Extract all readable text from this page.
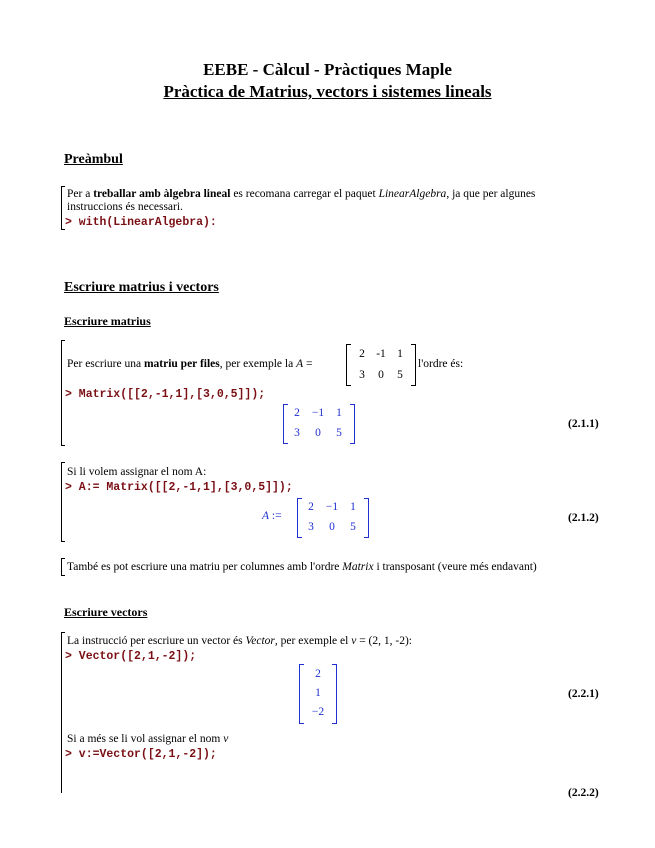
EEBE - Càlcul - Pràctiques Maple
Pràctica de Matrius, vectors i sistemes lineals
Preàmbul
Per a treballar amb àlgebra lineal es recomana carregar el paquet LinearAlgebra, ja que per algunes
instruccions és necessari.
> with(LinearAlgebra):
Escriure matrius i vectors
Escriure matrius
Per escriure una matriu per files, per exemple la A =
2 -1 1
3	0	5
l'ordre és:
> Matrix([[2,-1,1],[3,0,5]]);
2	−1	1
3	0	5
(2.1.1)
Si li volem assignar el nom A:
> A:= Matrix([[2,-1,1],[3,0,5]]);
A :=
2	−1	1
3	0	5
(2.1.2)
També es pot escriure una matriu per columnes amb l'ordre Matrix i transposant (veure més endavant)
Escriure vectors
La instrucció per escriure un vector és Vector, per exemple el v = (2, 1, -2):
> Vector([2,1,-2]);
2
1
−2
(2.2.1)
Si a més se li vol assignar el nom v
> v:=Vector([2,1,-2]);
(2.2.2)
